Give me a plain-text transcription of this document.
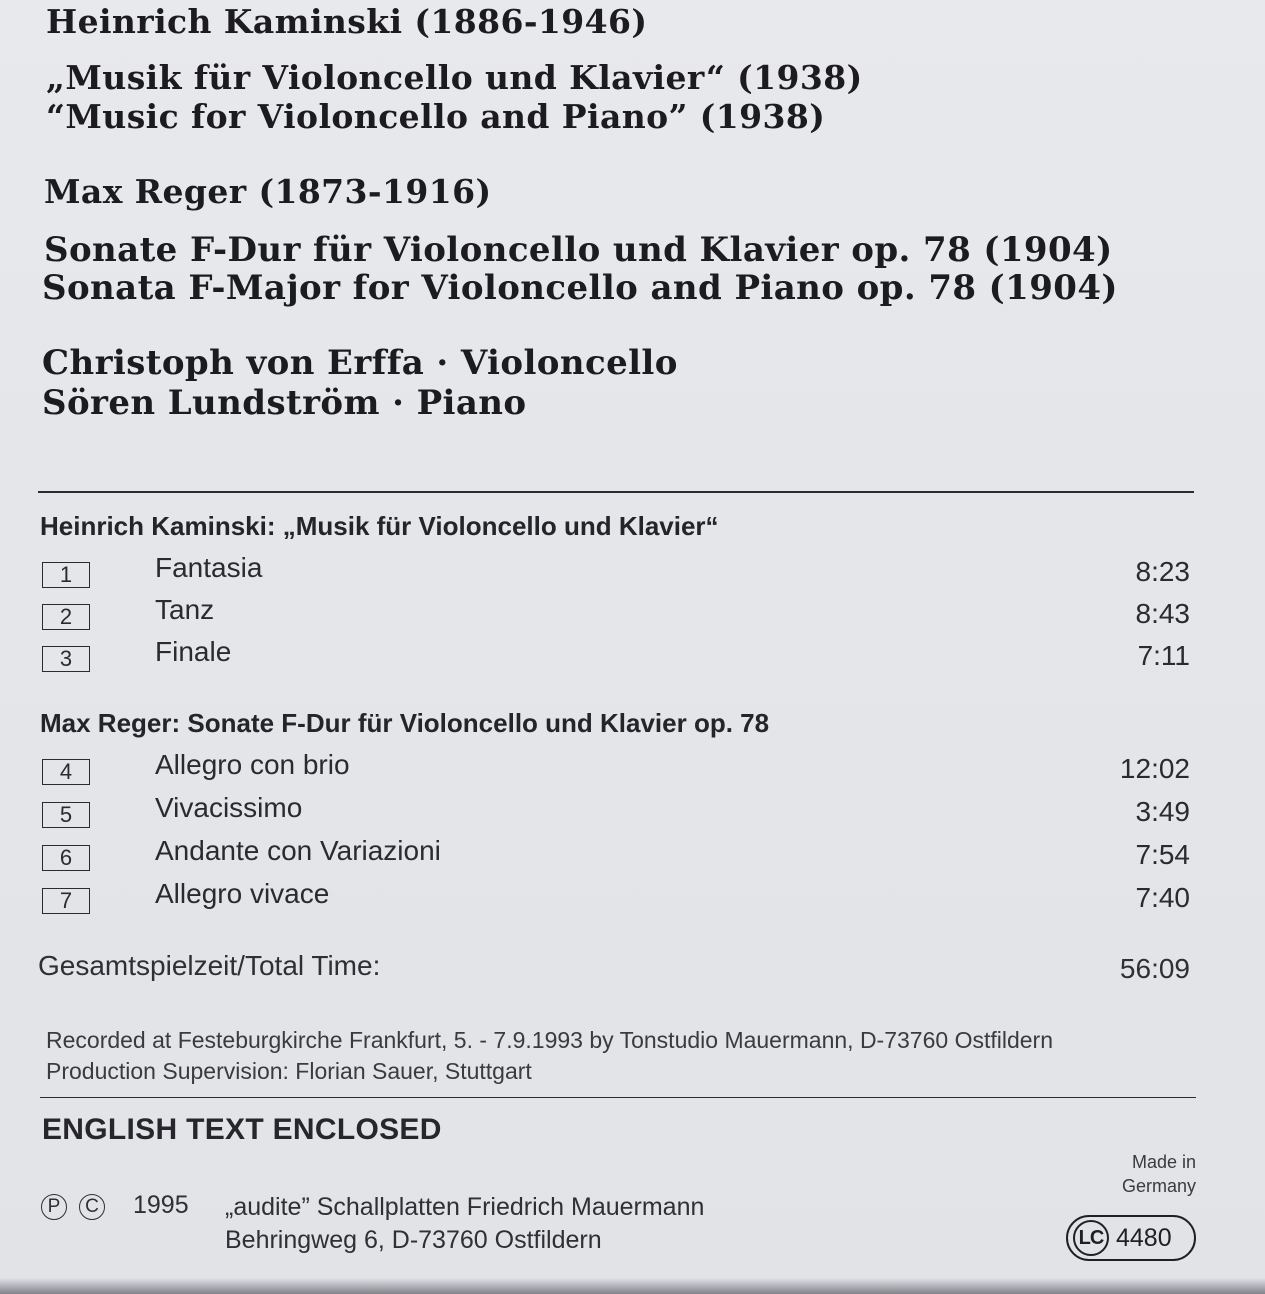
Heinrich Kaminski (1886-1946)
„Musik für Violoncello und Klavier“ (1938)
“Music for Violoncello and Piano” (1938)
Max Reger (1873-1916)
Sonate F-Dur für Violoncello und Klavier op. 78 (1904)
Sonata F-Major for Violoncello and Piano op. 78 (1904)

Christoph von Erffa · Violoncello

Sören Lundström · Piano

Heinrich Kaminski: „Musik für Violoncello und Klavier“

1	Fantasia	8:23
2	Tanz	8:43
3	Finale	7:11

Max Reger: Sonate F-Dur für Violoncello und Klavier op. 78

4	Allegro con brio	12:02
5	Vivacissimo	3:49
6	Andante con Variazioni	7:54
7	Allegro vivace	7:40

Gesamtspielzeit/Total Time:	56:09

Recorded at Festeburgkirche Frankfurt, 5. - 7.9.1993 by Tonstudio Mauermann, D-73760 Ostfildern

Production Supervision: Florian Sauer, Stuttgart

ENGLISH TEXT ENCLOSED

Made in

Germany

P	C 1995 „audite” Schallplatten Friedrich Mauermann

Behringweg 6, D-73760 Ostfildern	LC 4480
